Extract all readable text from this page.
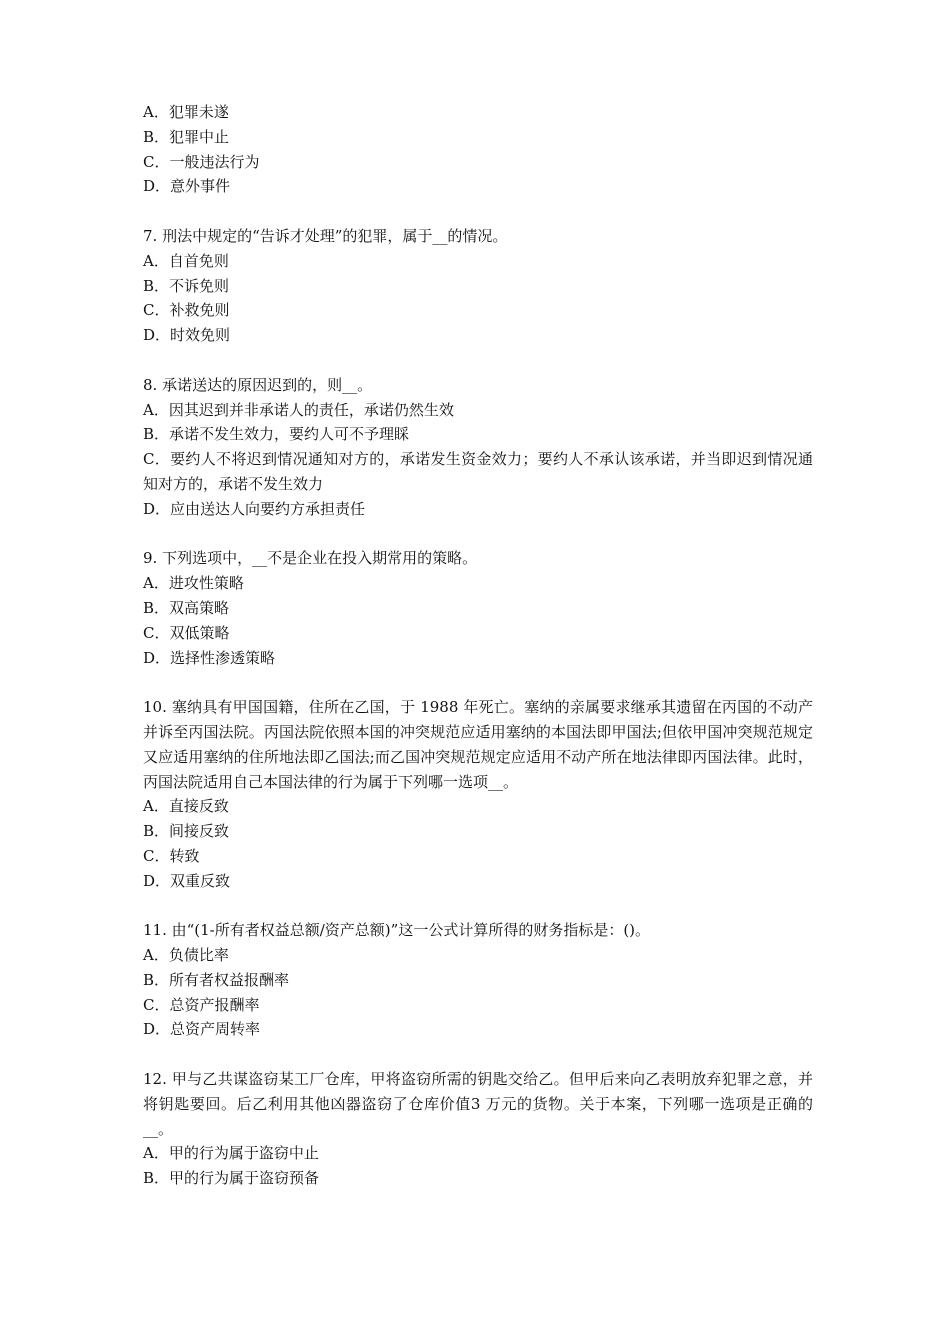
A．犯罪未遂
B．犯罪中止
C．一般违法行为
D．意外事件
7. 刑法中规定的“告诉才处理”的犯罪，属于__的情况。
A．自首免则
B．不诉免则
C．补救免则
D．时效免则
8. 承诺送达的原因迟到的，则__。
A．因其迟到并非承诺人的责任，承诺仍然生效
B．承诺不发生效力，要约人可不予理睬
C．要约人不将迟到情况通知对方的，承诺发生资金效力；要约人不承认该承诺，并当即迟到情况通知对方的，承诺不发生效力
D．应由送达人向要约方承担责任
9. 下列选项中，__不是企业在投入期常用的策略。
A．进攻性策略
B．双高策略
C．双低策略
D．选择性渗透策略
10. 塞纳具有甲国国籍，住所在乙国，于 1988 年死亡。塞纳的亲属要求继承其遗留在丙国的不动产并诉至丙国法院。丙国法院依照本国的冲突规范应适用塞纳的本国法即甲国法;但依甲国冲突规范规定又应适用塞纳的住所地法即乙国法;而乙国冲突规范规定应适用不动产所在地法律即丙国法律。此时，丙国法院适用自己本国法律的行为属于下列哪一选项__。
A．直接反致
B．间接反致
C．转致
D．双重反致
11. 由“(1-所有者权益总额/资产总额)”这一公式计算所得的财务指标是：()。
A．负债比率
B．所有者权益报酬率
C．总资产报酬率
D．总资产周转率
12. 甲与乙共谋盗窃某工厂仓库，甲将盗窃所需的钥匙交给乙。但甲后来向乙表明放弃犯罪之意，并将钥匙要回。后乙利用其他凶器盗窃了仓库价值3 万元的货物。关于本案，下列哪一选项是正确的__。
A．甲的行为属于盗窃中止
B．甲的行为属于盗窃预备
